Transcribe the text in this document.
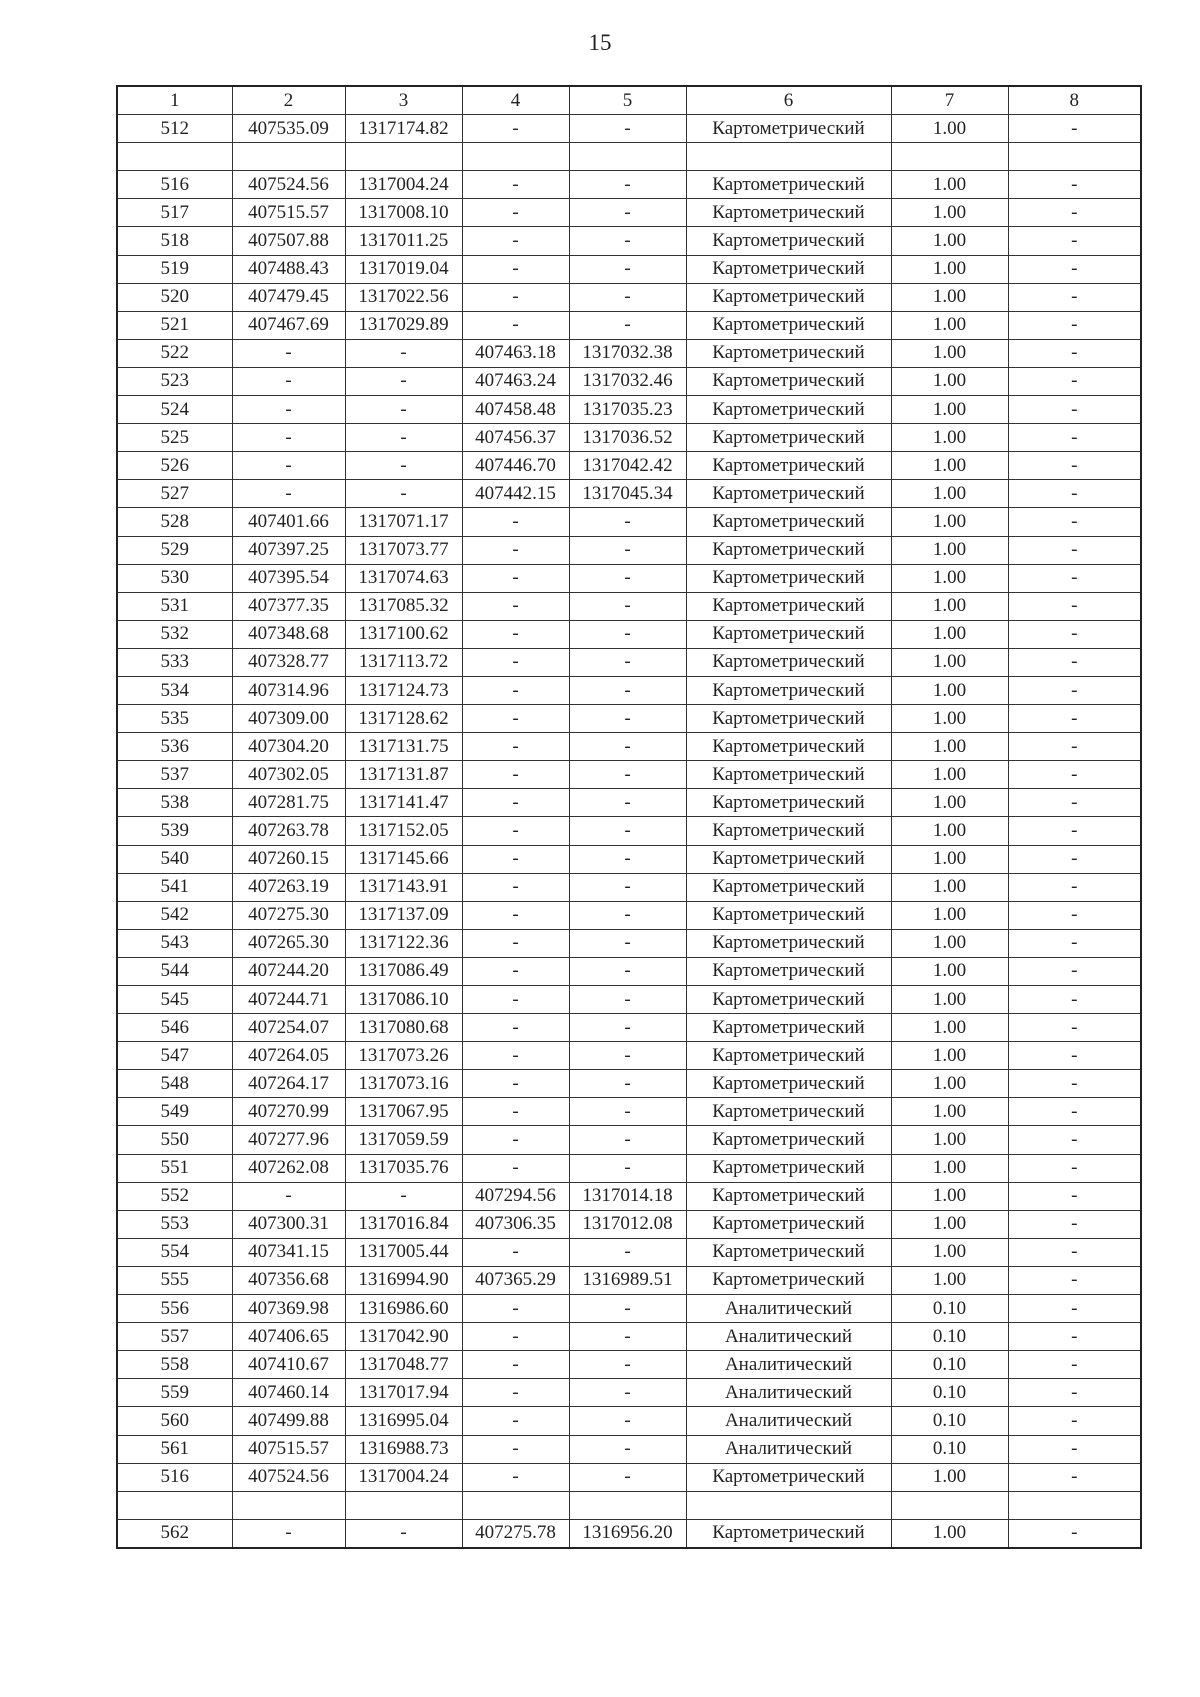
15
1	2	3	4	5	6	7	8
512	407535.09	1317174.82	-	-	Картометрический	1.00	-

516	407524.56	1317004.24	-	-	Картометрический	1.00	-
517	407515.57	1317008.10	-	-	Картометрический	1.00	-
518	407507.88	1317011.25	-	-	Картометрический	1.00	-
519	407488.43	1317019.04	-	-	Картометрический	1.00	-
520	407479.45	1317022.56	-	-	Картометрический	1.00	-
521	407467.69	1317029.89	-	-	Картометрический	1.00	-
522	-	-	407463.18	1317032.38	Картометрический	1.00	-
523	-	-	407463.24	1317032.46	Картометрический	1.00	-
524	-	-	407458.48	1317035.23	Картометрический	1.00	-
525	-	-	407456.37	1317036.52	Картометрический	1.00	-
526	-	-	407446.70	1317042.42	Картометрический	1.00	-
527	-	-	407442.15	1317045.34	Картометрический	1.00	-
528	407401.66	1317071.17	-	-	Картометрический	1.00	-
529	407397.25	1317073.77	-	-	Картометрический	1.00	-
530	407395.54	1317074.63	-	-	Картометрический	1.00	-
531	407377.35	1317085.32	-	-	Картометрический	1.00	-
532	407348.68	1317100.62	-	-	Картометрический	1.00	-
533	407328.77	1317113.72	-	-	Картометрический	1.00	-
534	407314.96	1317124.73	-	-	Картометрический	1.00	-
535	407309.00	1317128.62	-	-	Картометрический	1.00	-
536	407304.20	1317131.75	-	-	Картометрический	1.00	-
537	407302.05	1317131.87	-	-	Картометрический	1.00	-
538	407281.75	1317141.47	-	-	Картометрический	1.00	-
539	407263.78	1317152.05	-	-	Картометрический	1.00	-
540	407260.15	1317145.66	-	-	Картометрический	1.00	-
541	407263.19	1317143.91	-	-	Картометрический	1.00	-
542	407275.30	1317137.09	-	-	Картометрический	1.00	-
543	407265.30	1317122.36	-	-	Картометрический	1.00	-
544	407244.20	1317086.49	-	-	Картометрический	1.00	-
545	407244.71	1317086.10	-	-	Картометрический	1.00	-
546	407254.07	1317080.68	-	-	Картометрический	1.00	-
547	407264.05	1317073.26	-	-	Картометрический	1.00	-
548	407264.17	1317073.16	-	-	Картометрический	1.00	-
549	407270.99	1317067.95	-	-	Картометрический	1.00	-
550	407277.96	1317059.59	-	-	Картометрический	1.00	-
551	407262.08	1317035.76	-	-	Картометрический	1.00	-
552	-	-	407294.56	1317014.18	Картометрический	1.00	-
553	407300.31	1317016.84	407306.35	1317012.08	Картометрический	1.00	-
554	407341.15	1317005.44	-	-	Картометрический	1.00	-
555	407356.68	1316994.90	407365.29	1316989.51	Картометрический	1.00	-
556	407369.98	1316986.60	-	-	Аналитический	0.10	-
557	407406.65	1317042.90	-	-	Аналитический	0.10	-
558	407410.67	1317048.77	-	-	Аналитический	0.10	-
559	407460.14	1317017.94	-	-	Аналитический	0.10	-
560	407499.88	1316995.04	-	-	Аналитический	0.10	-
561	407515.57	1316988.73	-	-	Аналитический	0.10	-
516	407524.56	1317004.24	-	-	Картометрический	1.00	-

562	-	-	407275.78	1316956.20	Картометрический	1.00	-
